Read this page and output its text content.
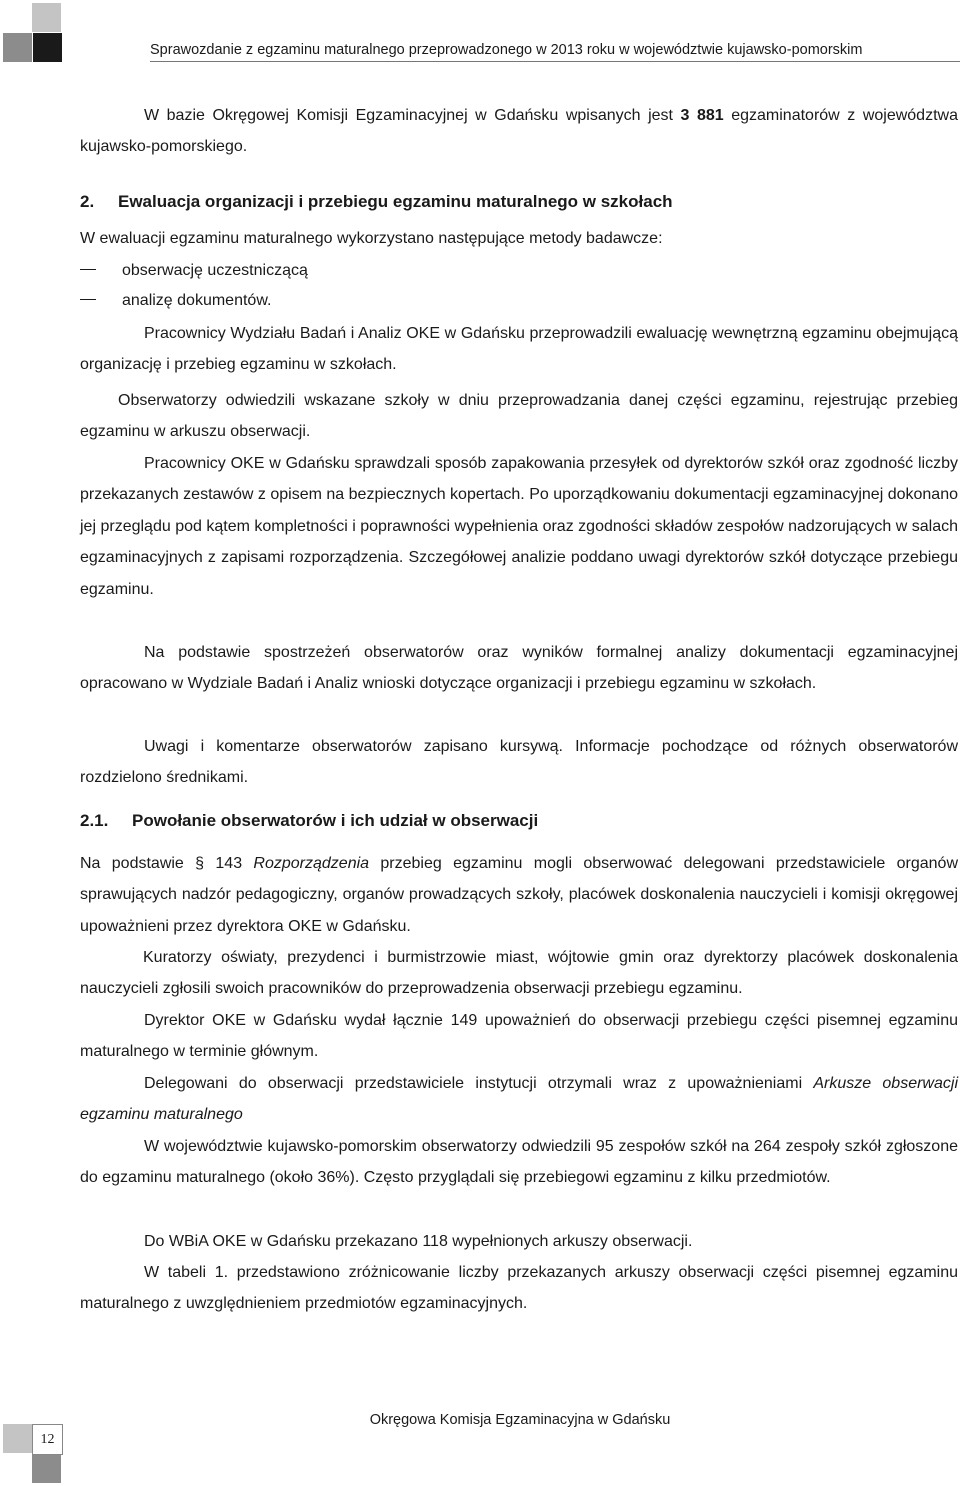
Sprawozdanie z egzaminu maturalnego przeprowadzonego w 2013 roku w województwie kujawsko-pomorskim

W bazie Okręgowej Komisji Egzaminacyjnej w Gdańsku wpisanych jest 3 881 egzaminatorów z województwa kujawsko-pomorskiego.

2. Ewaluacja organizacji i przebiegu egzaminu maturalnego w szkołach

W ewaluacji egzaminu maturalnego wykorzystano następujące metody badawcze:

obserwację uczestniczącą
analizę dokumentów.

Pracownicy Wydziału Badań i Analiz OKE w Gdańsku przeprowadzili ewaluację wewnętrzną egzaminu obejmującą organizację i przebieg egzaminu w szkołach.

Obserwatorzy odwiedzili wskazane szkoły w dniu przeprowadzania danej części egzaminu, rejestrując przebieg egzaminu w arkuszu obserwacji.

Pracownicy OKE w Gdańsku sprawdzali sposób zapakowania przesyłek od dyrektorów szkół oraz zgodność liczby przekazanych zestawów z opisem na bezpiecznych kopertach. Po uporządkowaniu dokumentacji egzaminacyjnej dokonano jej przeglądu pod kątem kompletności i poprawności wypełnienia oraz zgodności składów zespołów nadzorujących w salach egzaminacyjnych z zapisami rozporządzenia. Szczegółowej analizie poddano uwagi dyrektorów szkół dotyczące przebiegu egzaminu.

Na podstawie spostrzeżeń obserwatorów oraz wyników formalnej analizy dokumentacji egzaminacyjnej opracowano w Wydziale Badań i Analiz wnioski dotyczące organizacji i przebiegu egzaminu w szkołach.

Uwagi i komentarze obserwatorów zapisano kursywą. Informacje pochodzące od różnych obserwatorów rozdzielono średnikami.

2.1. Powołanie obserwatorów i ich udział w obserwacji

Na podstawie § 143 Rozporządzenia przebieg egzaminu mogli obserwować delegowani przedstawiciele organów sprawujących nadzór pedagogiczny, organów prowadzących szkoły, placówek doskonalenia nauczycieli i komisji okręgowej upoważnieni przez dyrektora OKE w Gdańsku.

Kuratorzy oświaty, prezydenci i burmistrzowie miast, wójtowie gmin oraz dyrektorzy placówek doskonalenia nauczycieli zgłosili swoich pracowników do przeprowadzenia obserwacji przebiegu egzaminu.

Dyrektor OKE w Gdańsku wydał łącznie 149 upoważnień do obserwacji przebiegu części pisemnej egzaminu maturalnego w terminie głównym.

Delegowani do obserwacji przedstawiciele instytucji otrzymali wraz z upoważnieniami Arkusze obserwacji egzaminu maturalnego

W województwie kujawsko-pomorskim obserwatorzy odwiedzili 95 zespołów szkół na 264 zespoły szkół zgłoszone do egzaminu maturalnego (około 36%). Często przyglądali się przebiegowi egzaminu z kilku przedmiotów.

Do WBiA OKE w Gdańsku przekazano 118 wypełnionych arkuszy obserwacji.

W tabeli 1. przedstawiono zróżnicowanie liczby przekazanych arkuszy obserwacji części pisemnej egzaminu maturalnego z uwzględnieniem przedmiotów egzaminacyjnych.

12
Okręgowa Komisja Egzaminacyjna w Gdańsku
